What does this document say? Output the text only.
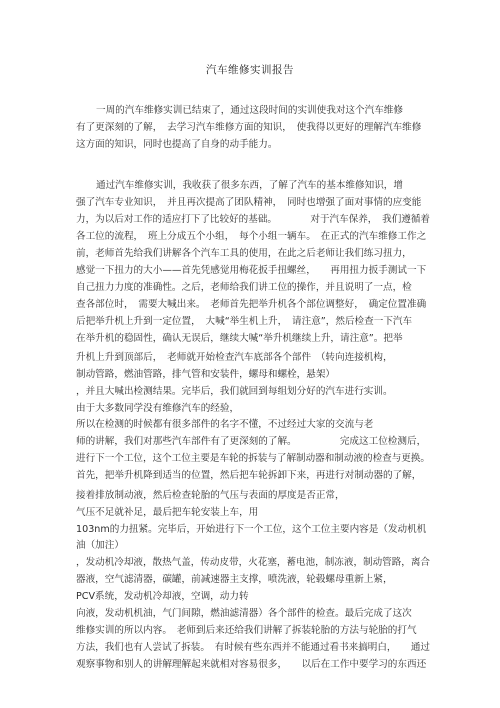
汽车维修实训报告
一周的汽车维修实训已结束了，通过这段时间的实训使我对这个汽车维修
有了更深刻的了解，　去学习汽车维修方面的知识，　使我得以更好的理解汽车维修
这方面的知识，同时也提高了自身的动手能力。
通过汽车维修实训，我收获了很多东西，了解了汽车的基本维修知识，增
强了汽车专业知识，　并且再次提高了团队精神，　同时也增强了面对事情的应变能
力，为以后对工作的适应打下了比较好的基础。　　　　对于汽车保养，　我们遵循着
各工位的流程，　班上分成五个小组，　每个小组一辆车。　在正式的汽车维修工作之
前，老师首先给我们讲解各个汽车工具的使用，在此之后老师让我们练习扭力，
感觉一下扭力的大小——首先凭感觉用梅花扳手扭螺丝，　　再用扭力扳手测试一下
自己扭力力度的准确性。之后，老师给我们讲工位的操作，并且说明了一点，检
查各部位时，　需要大喊出来。　老师首先把举升机各个部位调整好，　确定位置准确
后把举升机上升到一定位置，　大喊“举生机上升，　请注意”，然后检查一下汽车
在举升机的稳固性，确认无误后，继续大喊“举升机继续上升，请注意”。把举
升机上升到顶部后，　老师就开始检查汽车底部各个部件　（转向连接机构，
制动管路，燃油管路，排气管和安装件，螺母和螺栓，悬架）
，并且大喊出检测结果。完毕后，我们就回到每组划分好的汽车进行实训。
由于大多数同学没有维修汽车的经验，
所以在检测的时候都有很多部件的名字不懂，不过经过大家的交流与老
师的讲解，我们对那些汽车部件有了更深刻的了解。　　　　　完成这工位检测后，
进行下一个工位，这个工位主要是车轮的拆装与了解制动器和制动液的检查与更换。
首先，把举升机降到适当的位置，然后把车轮拆卸下来，再进行对制动器的了解，
接着排放制动液，然后检查轮胎的气压与表面的厚度是否正常，
气压不足就补足，最后把车轮安装上车，用
103nm的力扭紧。完毕后，开始进行下一个工位，这个工位主要内容是（发动机机
油（加注）
，发动机冷却液，散热气盖，传动皮带，火花塞，蓄电池，制冻液，制动管路，离合
器液，空气滤清器，碳罐，前减速器主支撑，喷洗液，轮毂螺母重新上紧，
PCV系统，发动机冷却液，空调，动力转
向液，发动机机油，气门间隙，燃油滤清器）各个部件的检查。最后完成了这次
维修实训的所以内容。　老师到后来还给我们讲解了拆装轮胎的方法与轮胎的打气
方法，我们也有人尝试了拆装。　有时候有些东西并不能通过看书来搞明白，　　通过
观察事物和别人的讲解理解起来就相对容易很多，　　以后在工作中要学习的东西还
